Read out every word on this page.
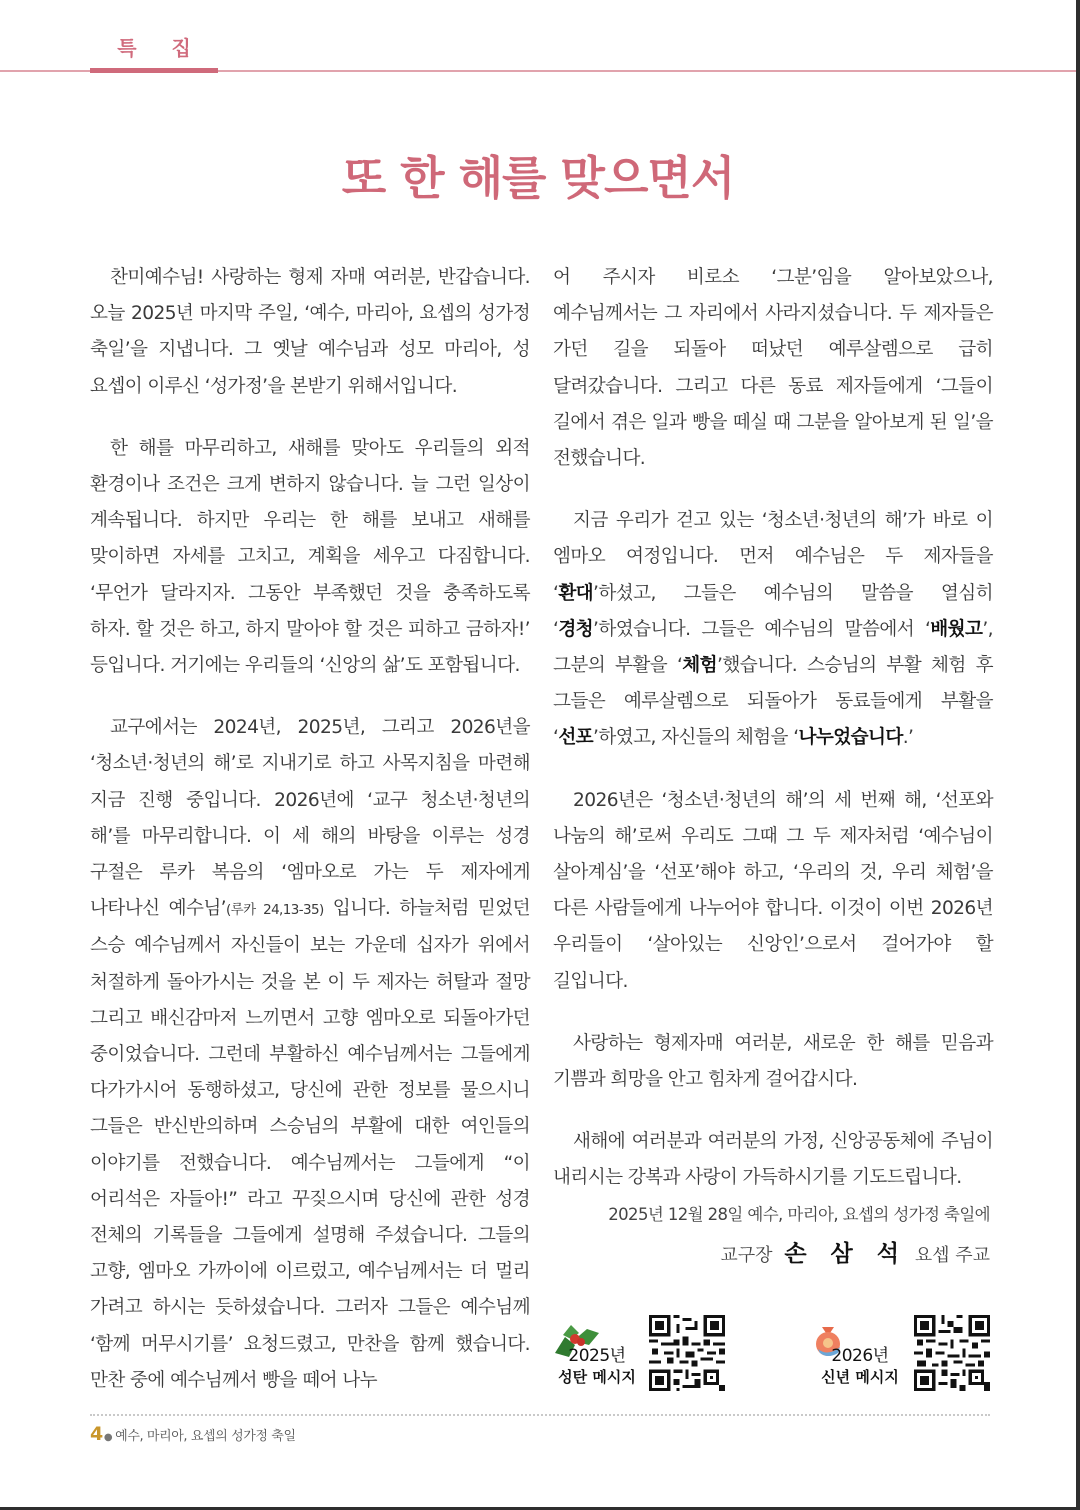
특 집
또 한 해를 맞으면서

찬미예수님! 사랑하는 형제 자매 여러분, 반갑습니다. 오늘 2025년 마지막 주일, ‘예수, 마리아, 요셉의 성가정 축일’을 지냅니다. 그 옛날 예수님과 성모 마리아, 성 요셉이 이루신 ‘성가정’을 본받기 위해서입니다.

한 해를 마무리하고, 새해를 맞아도 우리들의 외적 환경이나 조건은 크게 변하지 않습니다. 늘 그런 일상이 계속됩니다. 하지만 우리는 한 해를 보내고 새해를 맞이하면 자세를 고치고, 계획을 세우고 다짐합니다. ‘무언가 달라지자. 그동안 부족했던 것을 충족하도록 하자. 할 것은 하고, 하지 말아야 할 것은 피하고 금하자!’ 등입니다. 거기에는 우리들의 ‘신앙의 삶’도 포함됩니다.

교구에서는 2024년, 2025년, 그리고 2026년을 ‘청소년·청년의 해’로 지내기로 하고 사목지침을 마련해 지금 진행 중입니다. 2026년에 ‘교구 청소년·청년의 해’를 마무리합니다. 이 세 해의 바탕을 이루는 성경 구절은 루카 복음의 ‘엠마오로 가는 두 제자에게 나타나신 예수님’(루카 24,13-35) 입니다. 하늘처럼 믿었던 스승 예수님께서 자신들이 보는 가운데 십자가 위에서 처절하게 돌아가시는 것을 본 이 두 제자는 허탈과 절망 그리고 배신감마저 느끼면서 고향 엠마오로 되돌아가던 중이었습니다. 그런데 부활하신 예수님께서는 그들에게 다가가시어 동행하셨고, 당신에 관한 정보를 물으시니 그들은 반신반의하며 스승님의 부활에 대한 여인들의 이야기를 전했습니다. 예수님께서는 그들에게 “이 어리석은 자들아!” 라고 꾸짖으시며 당신에 관한 성경 전체의 기록들을 그들에게 설명해 주셨습니다. 그들의 고향, 엠마오 가까이에 이르렀고, 예수님께서는 더 멀리 가려고 하시는 듯하셨습니다. 그러자 그들은 예수님께 ‘함께 머무시기를’ 요청드렸고, 만찬을 함께 했습니다. 만찬 중에 예수님께서 빵을 떼어 나누

어 주시자 비로소 ‘그분’임을 알아보았으나, 예수님께서는 그 자리에서 사라지셨습니다. 두 제자들은 가던 길을 되돌아 떠났던 예루살렘으로 급히 달려갔습니다. 그리고 다른 동료 제자들에게 ‘그들이 길에서 겪은 일과 빵을 떼실 때 그분을 알아보게 된 일’을 전했습니다.

지금 우리가 걷고 있는 ‘청소년·청년의 해’가 바로 이 엠마오 여정입니다. 먼저 예수님은 두 제자들을 ‘환대’하셨고, 그들은 예수님의 말씀을 열심히 ‘경청’하였습니다. 그들은 예수님의 말씀에서 ‘배웠고’, 그분의 부활을 ‘체험’했습니다. 스승님의 부활 체험 후 그들은 예루살렘으로 되돌아가 동료들에게 부활을 ‘선포’하였고, 자신들의 체험을 ‘나누었습니다.’

2026년은 ‘청소년·청년의 해’의 세 번째 해, ‘선포와 나눔의 해’로써 우리도 그때 그 두 제자처럼 ‘예수님이 살아계심’을 ‘선포’해야 하고, ‘우리의 것, 우리 체험’을 다른 사람들에게 나누어야 합니다. 이것이 이번 2026년 우리들이 ‘살아있는 신앙인’으로서 걸어가야 할 길입니다.

사랑하는 형제자매 여러분, 새로운 한 해를 믿음과 기쁨과 희망을 안고 힘차게 걸어갑시다.

새해에 여러분과 여러분의 가정, 신앙공동체에 주님이 내리시는 강복과 사랑이 가득하시기를 기도드립니다.

2025년 12월 28일 예수, 마리아, 요셉의 성가정 축일에
교구장 손 삼 석 요셉 주교
2025년
성탄 메시지
2026년
신년 메시지
4● 예수, 마리아, 요셉의 성가정 축일
